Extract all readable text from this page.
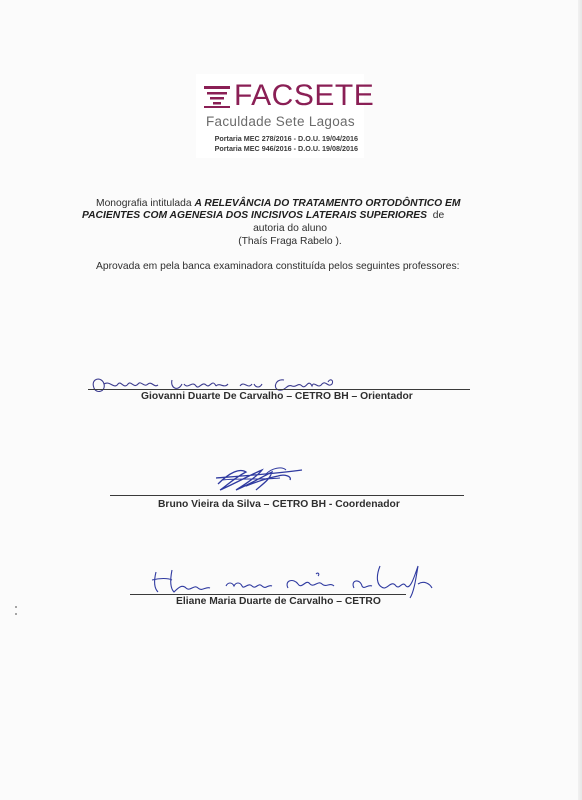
FACSETE
Faculdade Sete Lagoas
Portaria MEC 278/2016 - D.O.U. 19/04/2016
Portaria MEC 946/2016 - D.O.U. 19/08/2016
Monografia intitulada A RELEVÂNCIA DO TRATAMENTO ORTODÔNTICO EM
PACIENTES COM AGENESIA DOS INCISIVOS LATERAIS SUPERIORES de
autoria do aluno
(Thaís Fraga Rabelo ).
Aprovada em pela banca examinadora constituída pelos seguintes professores:
Giovanni Duarte De Carvalho – CETRO BH – Orientador
Bruno Vieira da Silva – CETRO BH - Coordenador
Eliane Maria Duarte de Carvalho – CETRO
